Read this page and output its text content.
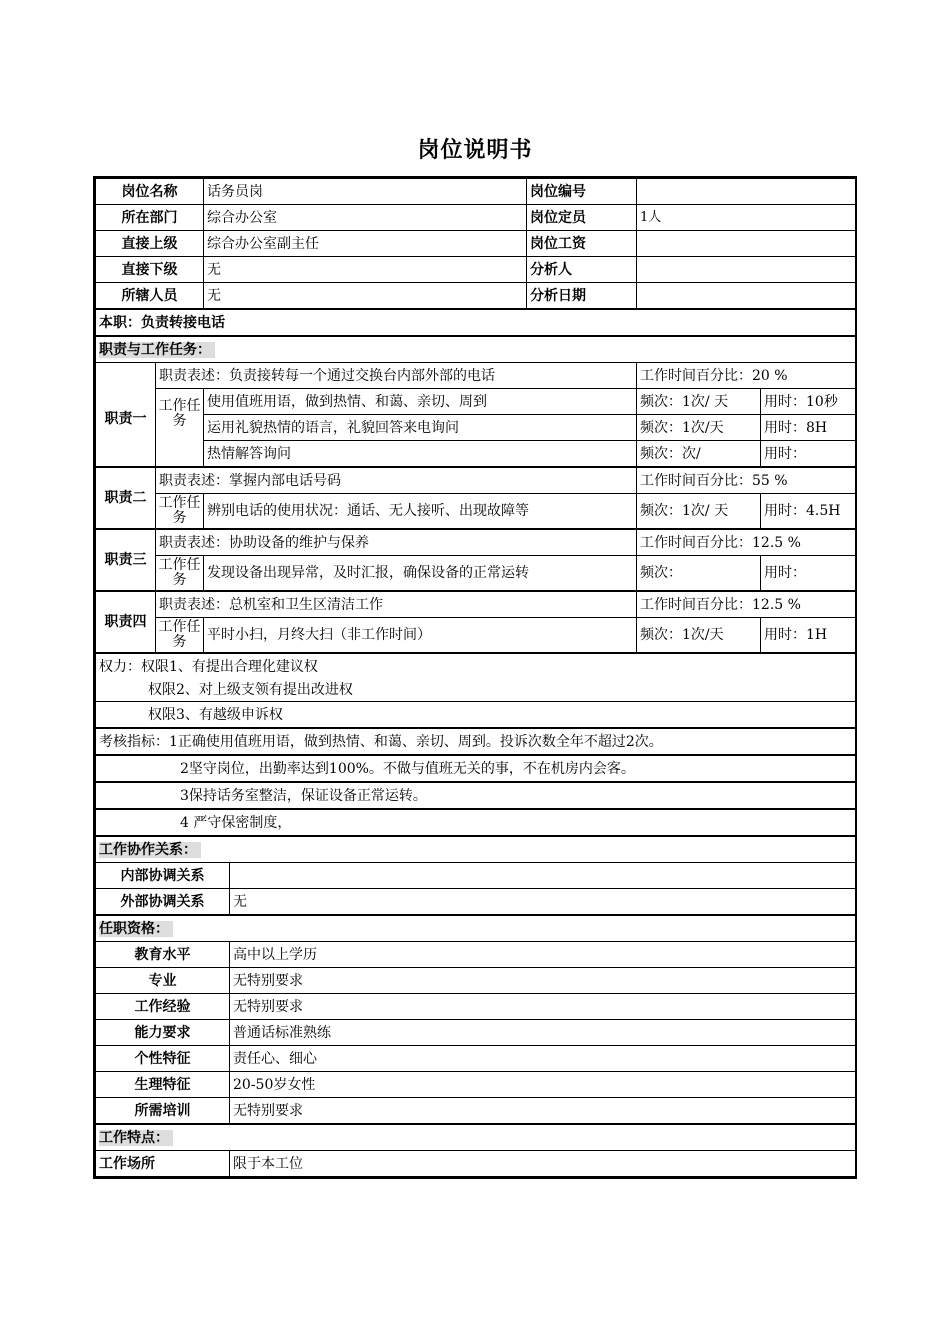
岗位说明书
岗位名称		话务员岗		岗位编号		
所在部门		综合办公室		岗位定员	1人	
直接上级		综合办公室副主任		岗位工资		
直接下级		无		分析人		
所辖人员		无		分析日期		
本职：负责转接电话						
职责与工作任务：						
职责一	职责表述：负责接转每一个通过交换台内部外部的电话				工作时间百分比：20 %	
	工作任务	使用值班用语，做到热情、和蔼、亲切、周到			频次：1次/ 天	用时：10秒
		运用礼貌热情的语言，礼貌回答来电询问			频次：1次/天	用时：8H
		热情解答询问			频次：次/	用时：
职责二	职责表述：掌握内部电话号码				工作时间百分比：55 %	
	工作任务	辨别电话的使用状况：通话、无人接听、出现故障等			频次：1次/ 天	用时：4.5H
职责三	职责表述：协助设备的维护与保养				工作时间百分比：12.5 %	
	工作任务	发现设备出现异常，及时汇报，确保设备的正常运转			频次：	用时：
职责四	职责表述：总机室和卫生区清洁工作				工作时间百分比：12.5 %	
	工作任务	平时小扫，月终大扫（非工作时间）			频次：1次/天	用时：1H
权力：权限1、有提出合理化建议权						
权限2、对上级支领有提出改进权						
权限3、有越级申诉权						
考核指标：1正确使用值班用语，做到热情、和蔼、亲切、周到。投诉次数全年不超过2次。						
2坚守岗位，出勤率达到100%。不做与值班无关的事，不在机房内会客。						
3保持话务室整洁，保证设备正常运转。						
4 严守保密制度，						
工作协作关系：						
内部协调关系						
外部协调关系			无			
任职资格：						
教育水平			高中以上学历			
专业			无特别要求			
工作经验			无特别要求			
能力要求			普通话标准熟练			
个性特征			责任心、细心			
生理特征			20-50岁女性			
所需培训			无特别要求			
工作特点：						
工作场所			限于本工位			
